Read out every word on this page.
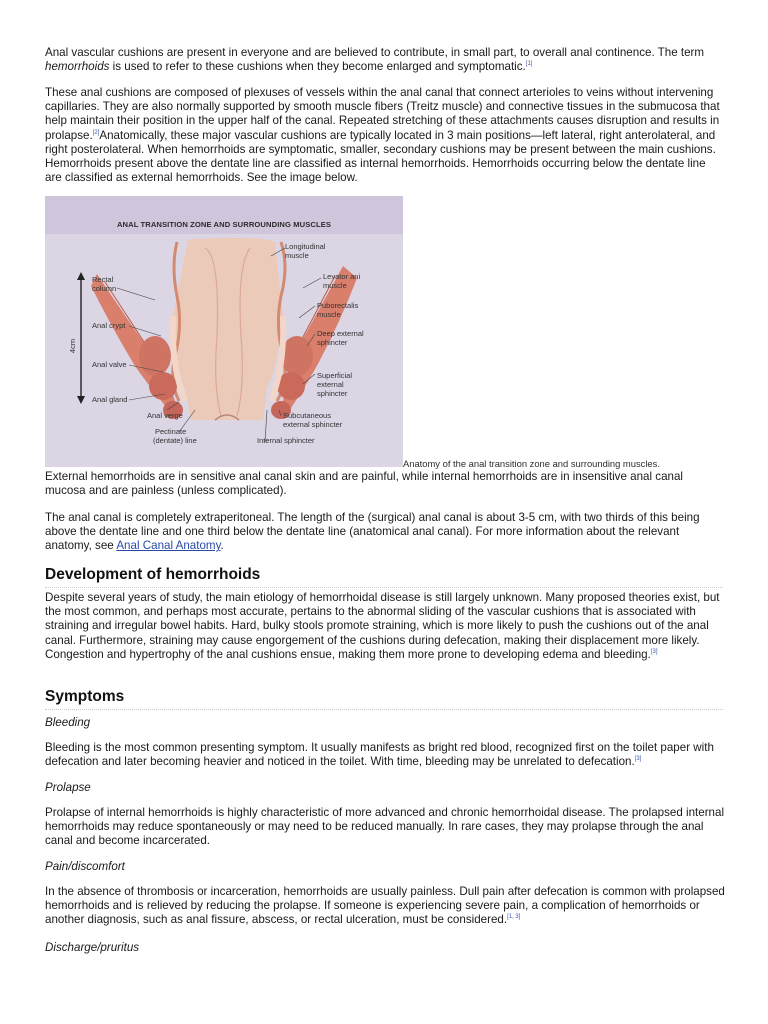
Anal vascular cushions are present in everyone and are believed to contribute, in small part, to overall anal continence. The term hemorrhoids is used to refer to these cushions when they become enlarged and symptomatic.[1]

These anal cushions are composed of plexuses of vessels within the anal canal that connect arterioles to veins without intervening capillaries. They are also normally supported by smooth muscle fibers (Treitz muscle) and connective tissues in the submucosa that help maintain their position in the upper half of the canal. Repeated stretching of these attachments causes disruption and results in prolapse.[2]Anatomically, these major vascular cushions are typically located in 3 main positions—left lateral, right anterolateral, and right posterolateral. When hemorrhoids are symptomatic, smaller, secondary cushions may be present between the main cushions. Hemorrhoids present above the dentate line are classified as internal hemorrhoids. Hemorrhoids occurring below the dentate line are classified as external hemorrhoids. See the image below.

ANAL TRANSITION ZONE AND SURROUNDING MUSCLES
4cm
Rectal
column
Anal crypt
Anal valve
Anal gland
Anal verge
Pectinate
(dentate) line
Longitudinal
muscle
Levator ani
muscle
Puborectalis
muscle
Deep external
sphincter
Superficial
external
sphincter
Subcutaneous
external sphincter
Internal sphincter
Anatomy of the anal transition zone and surrounding muscles.

External hemorrhoids are in sensitive anal canal skin and are painful, while internal hemorrhoids are in insensitive anal canal mucosa and are painless (unless complicated).

The anal canal is completely extraperitoneal. The length of the (surgical) anal canal is about 3-5 cm, with two thirds of this being above the dentate line and one third below the dentate line (anatomical anal canal). For more information about the relevant anatomy, see Anal Canal Anatomy.

Development of hemorrhoids

Despite several years of study, the main etiology of hemorrhoidal disease is still largely unknown. Many proposed theories exist, but the most common, and perhaps most accurate, pertains to the abnormal sliding of the vascular cushions that is associated with straining and irregular bowel habits. Hard, bulky stools promote straining, which is more likely to push the cushions out of the anal canal. Furthermore, straining may cause engorgement of the cushions during defecation, making their displacement more likely. Congestion and hypertrophy of the anal cushions ensue, making them more prone to developing edema and bleeding.[3]

Symptoms
Bleeding

Bleeding is the most common presenting symptom. It usually manifests as bright red blood, recognized first on the toilet paper with defecation and later becoming heavier and noticed in the toilet. With time, bleeding may be unrelated to defecation.[3]

Prolapse

Prolapse of internal hemorrhoids is highly characteristic of more advanced and chronic hemorrhoidal disease. The prolapsed internal hemorrhoids may reduce spontaneously or may need to be reduced manually. In rare cases, they may prolapse through the anal canal and become incarcerated.

Pain/discomfort

In the absence of thrombosis or incarceration, hemorrhoids are usually painless. Dull pain after defecation is common with prolapsed hemorrhoids and is relieved by reducing the prolapse. If someone is experiencing severe pain, a complication of hemorrhoids or another diagnosis, such as anal fissure, abscess, or rectal ulceration, must be considered.[1, 3]

Discharge/pruritus
